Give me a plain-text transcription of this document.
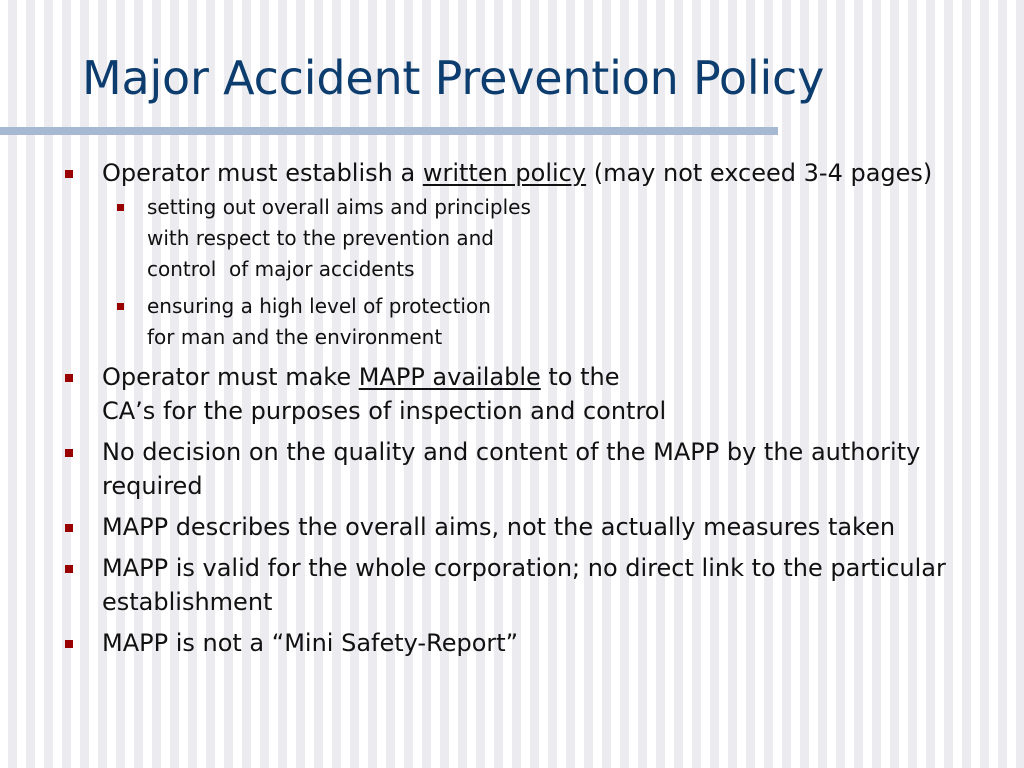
Major Accident Prevention Policy
Operator must establish a written policy (may not exceed 3-4 pages)
setting out overall aims and principles
with respect to the prevention and
control  of major accidents
ensuring a high level of protection
for man and the environment
Operator must make MAPP available to the
CA’s for the purposes of inspection and control
No decision on the quality and content of the MAPP by the authority required
MAPP describes the overall aims, not the actually measures taken
MAPP is valid for the whole corporation; no direct link to the particular establishment
MAPP is not a “Mini Safety-Report”
